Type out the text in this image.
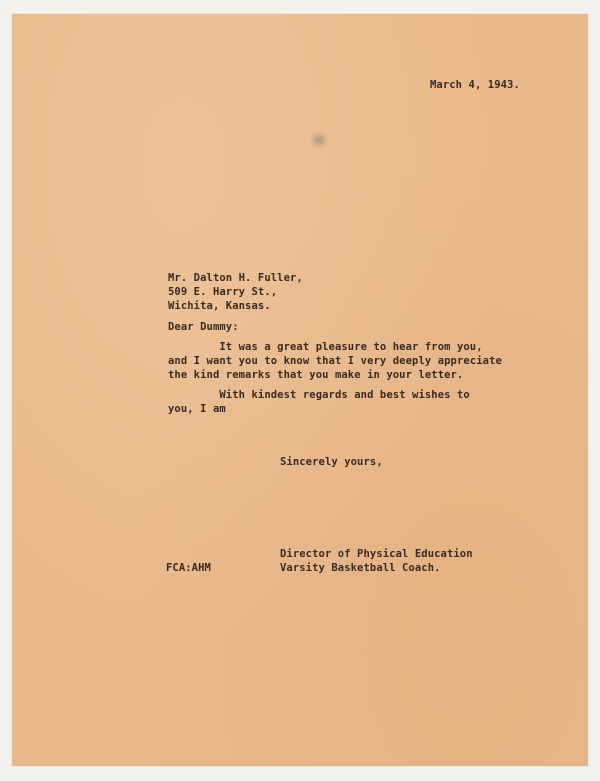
March 4, 1943.
Mr. Dalton H. Fuller,
509 E. Harry St.,
Wichita, Kansas.
Dear Dummy:
It was a great pleasure to hear from you,
and I want you to know that I very deeply appreciate
the kind remarks that you make in your letter.
With kindest regards and best wishes to
you, I am
Sincerely yours,
Director of Physical Education
Varsity Basketball Coach.
FCA:AHM
